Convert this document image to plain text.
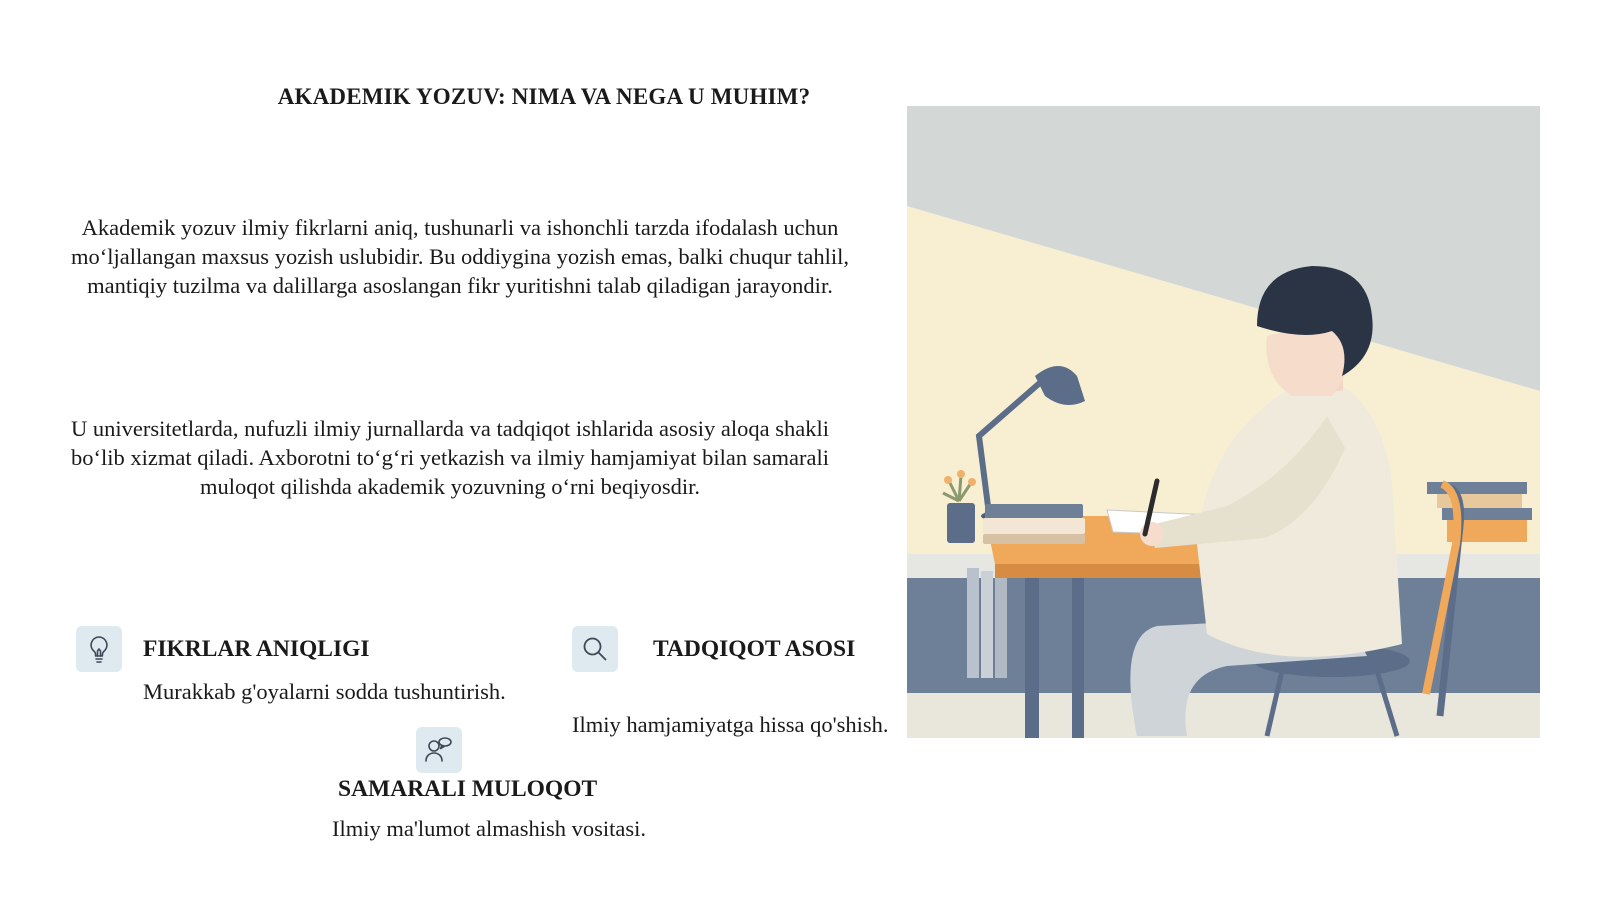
AKADEMIK YOZUV: NIMA VA NEGA U MUHIM?
Akademik yozuv ilmiy fikrlarni aniq, tushunarli va ishonchli tarzda ifodalash uchun mo‘ljallangan maxsus yozish uslubidir. Bu oddiygina yozish emas, balki chuqur tahlil, mantiqiy tuzilma va dalillarga asoslangan fikr yuritishni talab qiladigan jarayondir.
U universitetlarda, nufuzli ilmiy jurnallarda va tadqiqot ishlarida asosiy aloqa shakli bo‘lib xizmat qiladi. Axborotni to‘g‘ri yetkazish va ilmiy hamjamiyat bilan samarali muloqot qilishda akademik yozuvning o‘rni beqiyosdir.
FIKRLAR ANIQLIGI
Murakkab g'oyalarni sodda tushuntirish.
TADQIQOT ASOSI
Ilmiy hamjamiyatga hissa qo'shish.
SAMARALI MULOQOT
Ilmiy ma'lumot almashish vositasi.
